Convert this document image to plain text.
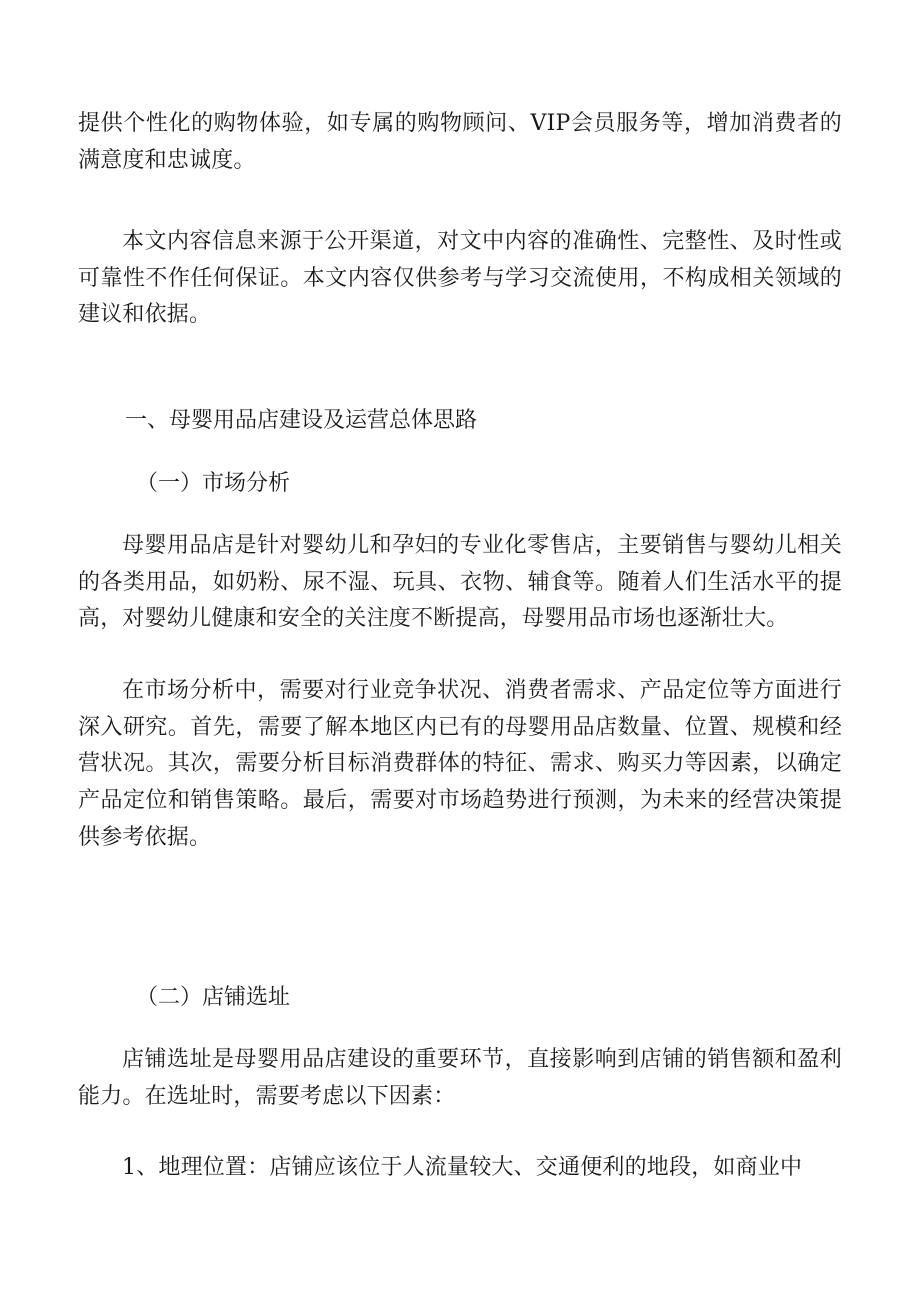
提供个性化的购物体验，如专属的购物顾问、VIP会员服务等，增加消费者的满意度和忠诚度。

本文内容信息来源于公开渠道，对文中内容的准确性、完整性、及时性或可靠性不作任何保证。本文内容仅供参考与学习交流使用，不构成相关领域的建议和依据。

一、母婴用品店建设及运营总体思路

（一）市场分析

母婴用品店是针对婴幼儿和孕妇的专业化零售店，主要销售与婴幼儿相关的各类用品，如奶粉、尿不湿、玩具、衣物、辅食等。随着人们生活水平的提高，对婴幼儿健康和安全的关注度不断提高，母婴用品市场也逐渐壮大。

在市场分析中，需要对行业竞争状况、消费者需求、产品定位等方面进行深入研究。首先，需要了解本地区内已有的母婴用品店数量、位置、规模和经营状况。其次，需要分析目标消费群体的特征、需求、购买力等因素，以确定产品定位和销售策略。最后，需要对市场趋势进行预测，为未来的经营决策提供参考依据。

（二）店铺选址

店铺选址是母婴用品店建设的重要环节，直接影响到店铺的销售额和盈利能力。在选址时，需要考虑以下因素：

1、地理位置：店铺应该位于人流量较大、交通便利的地段，如商业中
